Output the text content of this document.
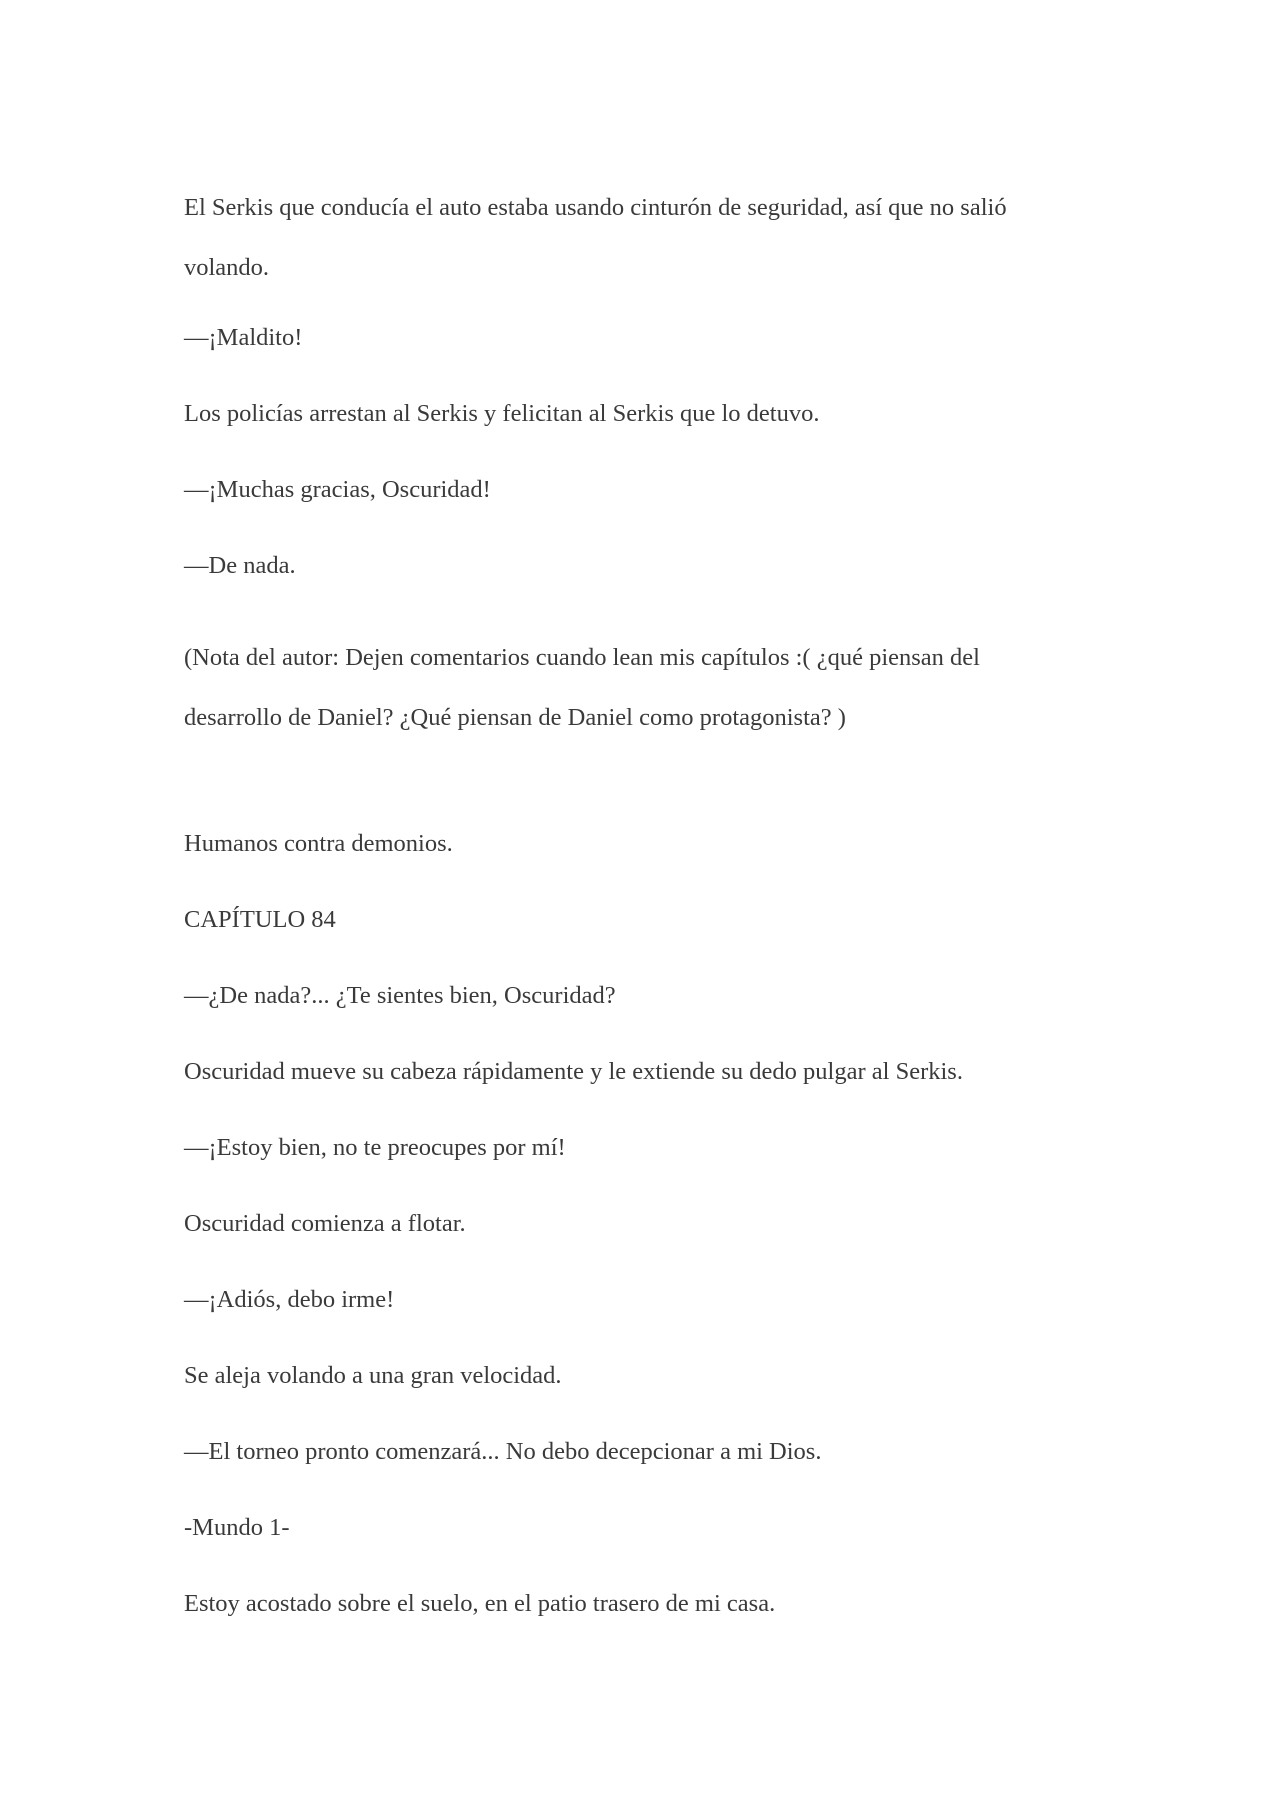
El Serkis que conducía el auto estaba usando cinturón de seguridad, así que no salió volando.

—¡Maldito!

Los policías arrestan al Serkis y felicitan al Serkis que lo detuvo.

—¡Muchas gracias, Oscuridad!

—De nada.

(Nota del autor: Dejen comentarios cuando lean mis capítulos :( ¿qué piensan del desarrollo de Daniel? ¿Qué piensan de Daniel como protagonista? )

Humanos contra demonios.

CAPÍTULO 84

—¿De nada?... ¿Te sientes bien, Oscuridad?

Oscuridad mueve su cabeza rápidamente y le extiende su dedo pulgar al Serkis.

—¡Estoy bien, no te preocupes por mí!

Oscuridad comienza a flotar.

—¡Adiós, debo irme!

Se aleja volando a una gran velocidad.

—El torneo pronto comenzará... No debo decepcionar a mi Dios.

-Mundo 1-

Estoy acostado sobre el suelo, en el patio trasero de mi casa.
